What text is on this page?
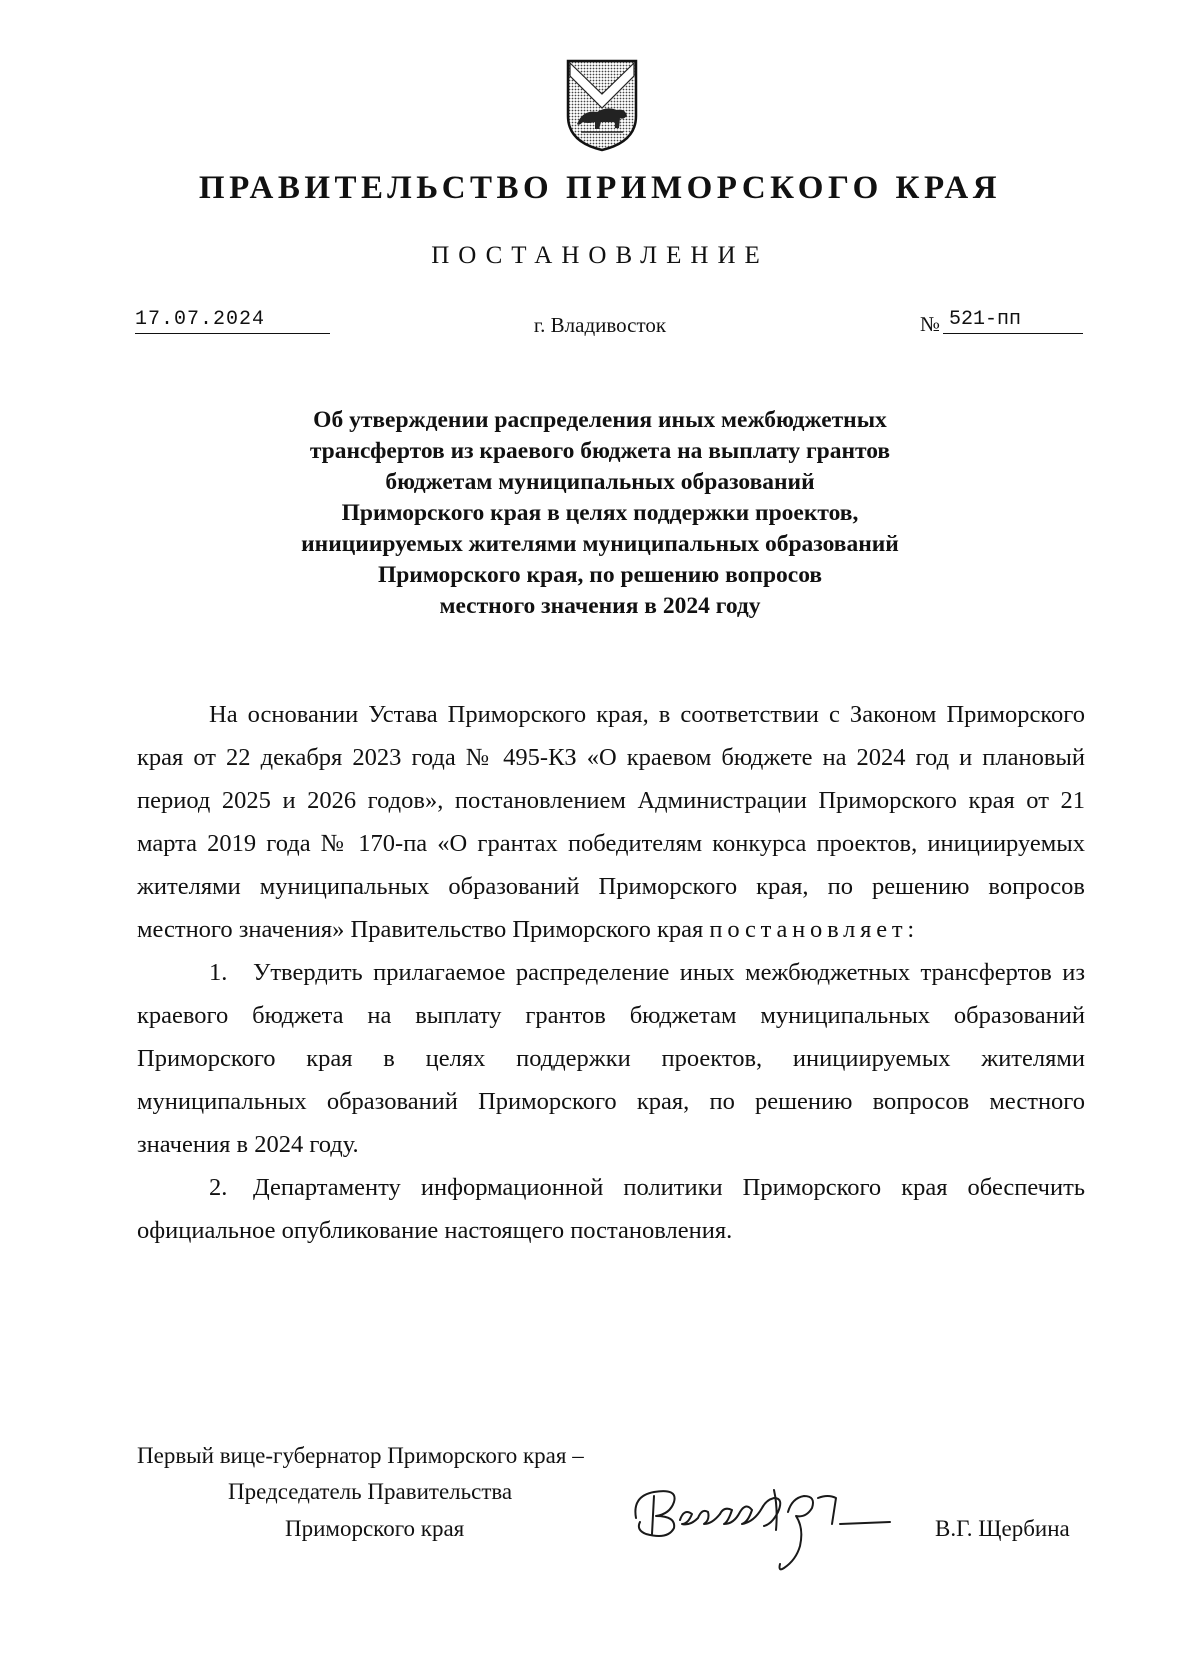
ПРАВИТЕЛЬСТВО ПРИМОРСКОГО КРАЯ
ПОСТАНОВЛЕНИЕ
17.07.2024	г. Владивосток	№ 521-пп
Об утверждении распределения иных межбюджетных
трансфертов из краевого бюджета на выплату грантов
бюджетам муниципальных образований
Приморского края в целях поддержки проектов,
инициируемых жителями муниципальных образований
Приморского края, по решению вопросов
местного значения в 2024 году

На основании Устава Приморского края, в соответствии с Законом Приморского края от 22 декабря 2023 года № 495-КЗ «О краевом бюджете на 2024 год и плановый период 2025 и 2026 годов», постановлением Администрации Приморского края от 21 марта 2019 года № 170-па «О грантах победителям конкурса проектов, инициируемых жителями муниципальных образований Приморского края, по решению вопросов местного значения» Правительство Приморского края постановляет:

1. Утвердить прилагаемое распределение иных межбюджетных трансфертов из краевого бюджета на выплату грантов бюджетам муниципальных образований Приморского края в целях поддержки проектов, инициируемых жителями муниципальных образований Приморского края, по решению вопросов местного значения в 2024 году.

2. Департаменту информационной политики Приморского края обеспечить официальное опубликование настоящего постановления.

Первый вице-губернатор Приморского края –
Председатель Правительства
Приморского края	В.Г. Щербина
